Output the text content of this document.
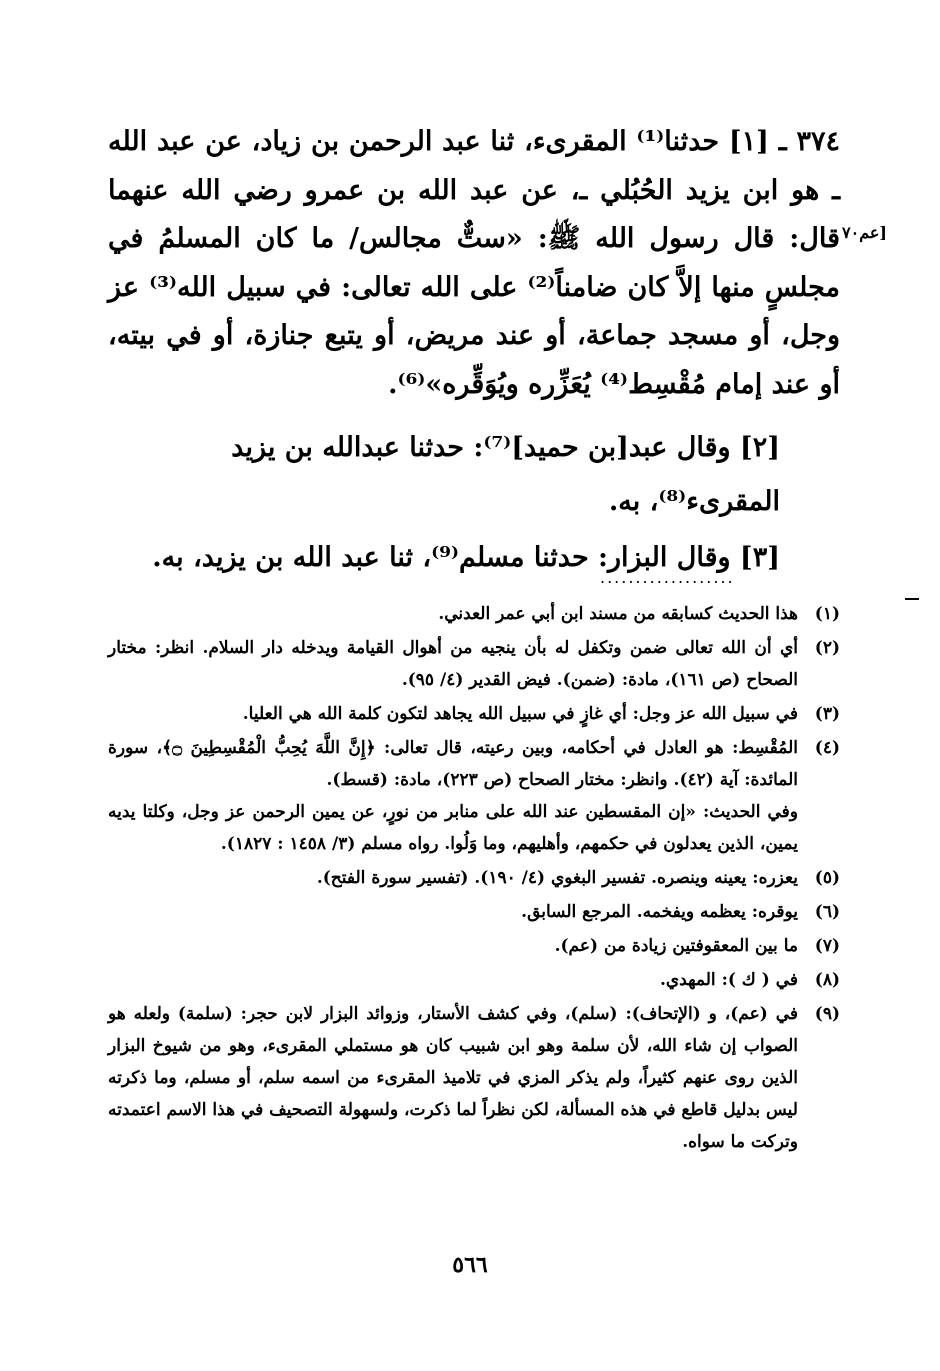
[عم٧٠

٣٧٤ ـ [١] حدثنا⁽¹⁾ المقرىء، ثنا عبد الرحمن بن زياد، عن عبد الله ـ هو ابن يزيد الحُبُلي ـ، عن عبد الله بن عمرو رضي الله عنهما قال: قال رسول الله ﷺ: «ستٌّ مجالس/ ما كان المسلمُ في مجلسٍ منها إلاَّ كان ضامناً⁽²⁾ على الله تعالى: في سبيل الله⁽³⁾ عز وجل، أو مسجد جماعة، أو عند مريض، أو يتبع جنازة، أو في بيته، أو عند إمام مُقْسِط⁽⁴⁾ يُعَزِّره ويُوَقِّره»⁽⁶⁾.

[٢] وقال عبد[بن حميد]⁽⁷⁾: حدثنا عبدالله بن يزيد المقرىء⁽⁸⁾، به.

[٣] وقال البزار: حدثنا مسلم⁽⁹⁾، ثنا عبد الله بن يزيد، به.

...................
(١)
هذا الحديث كسابقه من مسند ابن أبي عمر العدني.
(٢)
أي أن الله تعالى ضمن وتكفل له بأن ينجيه من أهوال القيامة ويدخله دار السلام. انظر: مختار الصحاح (ص ١٦١)، مادة: (ضمن). فيض القدير (٤/ ٩٥).
(٣)
في سبيل الله عز وجل: أي غازٍ في سبيل الله يجاهد لتكون كلمة الله هي العليا.
(٤)
المُقْسِط: هو العادل في أحكامه، وبين رعيته، قال تعالى: ﴿إِنَّ اللَّهَ يُحِبُّ الْمُقْسِطِينَ ۝﴾، سورة المائدة: آية (٤٢). وانظر: مختار الصحاح (ص ٢٢٣)، مادة: (قسط).
وفي الحديث: «إن المقسطين عند الله على منابر من نورٍ، عن يمين الرحمن عز وجل، وكلتا يديه يمين، الذين يعدلون في حكمهم، وأهليهم، وما وَلُوا. رواه مسلم (٣/ ١٤٥٨ : ١٨٢٧).
(٥)
يعزره: يعينه وينصره. تفسير البغوي (٤/ ١٩٠). (تفسير سورة الفتح).
(٦)
يوقره: يعظمه ويفخمه. المرجع السابق.
(٧)
ما بين المعقوفتين زيادة من (عم).
(٨)
في ( ك ): المهدي.
(٩)
في (عم)، و (الإتحاف): (سلم)، وفي كشف الأستار، وزوائد البزار لابن حجر: (سلمة) ولعله هو الصواب إن شاء الله، لأن سلمة وهو ابن شبيب كان هو مستملي المقرىء، وهو من شيوخ البزار الذين روى عنهم كثيراً، ولم يذكر المزي في تلاميذ المقرىء من اسمه سلم، أو مسلم، وما ذكرته ليس بدليل قاطع في هذه المسألة، لكن نظراً لما ذكرت، ولسهولة التصحيف في هذا الاسم اعتمدته وتركت ما سواه.
٥٦٦
